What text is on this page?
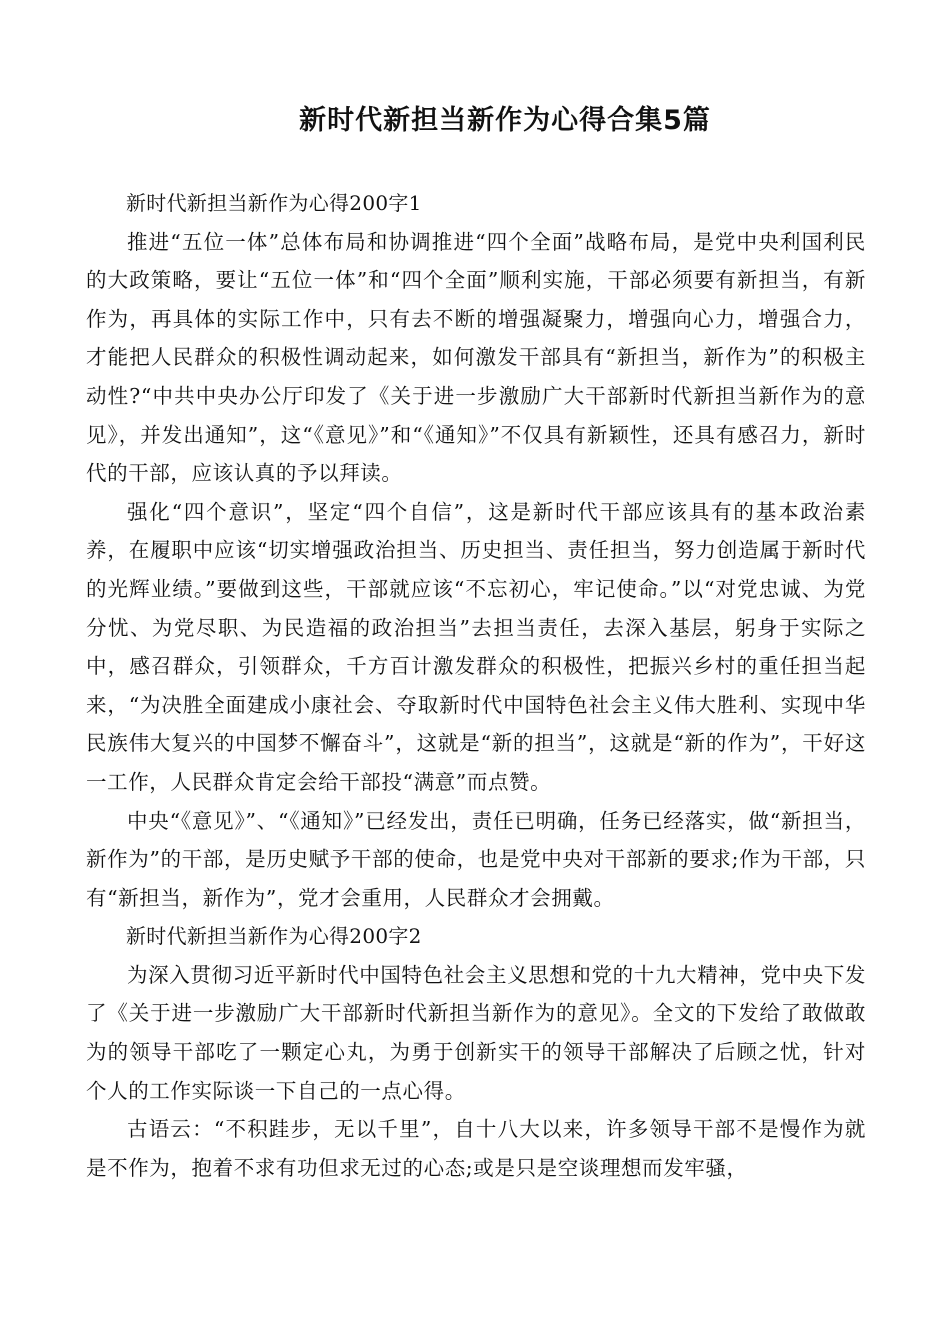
新时代新担当新作为心得合集5篇

新时代新担当新作为心得200字1

推进“五位一体”总体布局和协调推进“四个全面”战略布局，是党中央利国利民的大政策略，要让“五位一体”和“四个全面”顺利实施，干部必须要有新担当，有新作为，再具体的实际工作中，只有去不断的增强凝聚力，增强向心力，增强合力，才能把人民群众的积极性调动起来，如何激发干部具有“新担当，新作为”的积极主动性?“中共中央办公厅印发了《关于进一步激励广大干部新时代新担当新作为的意见》，并发出通知”，这“《意见》”和“《通知》”不仅具有新颖性，还具有感召力，新时代的干部，应该认真的予以拜读。

强化“四个意识”，坚定“四个自信”，这是新时代干部应该具有的基本政治素养，在履职中应该“切实增强政治担当、历史担当、责任担当，努力创造属于新时代的光辉业绩。”要做到这些，干部就应该“不忘初心，牢记使命。”以“对党忠诚、为党分忧、为党尽职、为民造福的政治担当”去担当责任，去深入基层，躬身于实际之中，感召群众，引领群众，千方百计激发群众的积极性，把振兴乡村的重任担当起来，“为决胜全面建成小康社会、夺取新时代中国特色社会主义伟大胜利、实现中华民族伟大复兴的中国梦不懈奋斗”，这就是“新的担当”，这就是“新的作为”，干好这一工作，人民群众肯定会给干部投“满意”而点赞。

中央“《意见》”、“《通知》”已经发出，责任已明确，任务已经落实，做“新担当，新作为”的干部，是历史赋予干部的使命，也是党中央对干部新的要求;作为干部，只有“新担当，新作为”，党才会重用，人民群众才会拥戴。

新时代新担当新作为心得200字2

为深入贯彻习近平新时代中国特色社会主义思想和党的十九大精神，党中央下发了《关于进一步激励广大干部新时代新担当新作为的意见》。全文的下发给了敢做敢为的领导干部吃了一颗定心丸，为勇于创新实干的领导干部解决了后顾之忧，针对个人的工作实际谈一下自己的一点心得。

古语云：“不积跬步，无以千里”，自十八大以来，许多领导干部不是慢作为就是不作为，抱着不求有功但求无过的心态;或是只是空谈理想而发牢骚，
